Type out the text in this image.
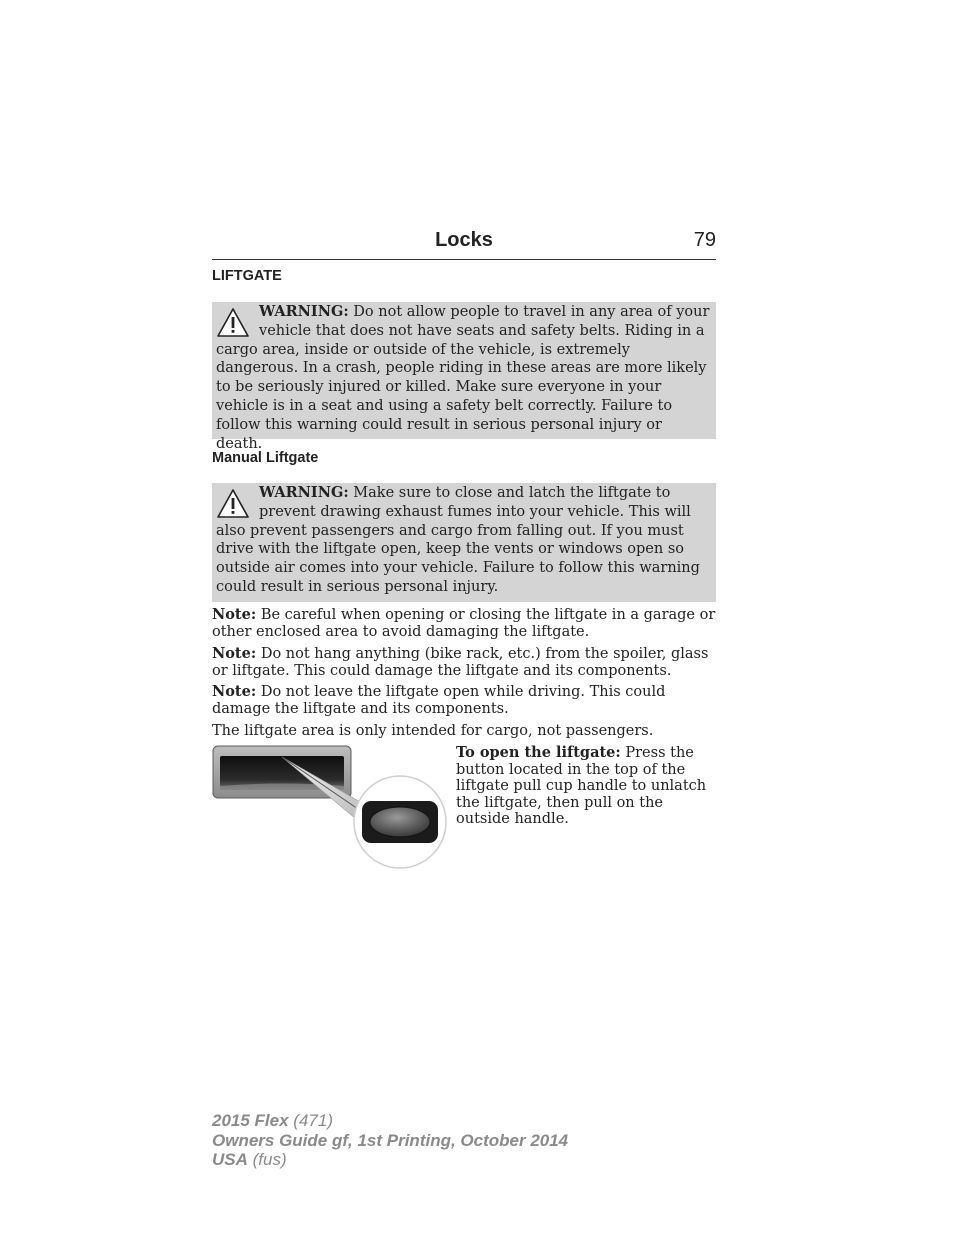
Locks	79
LIFTGATE
WARNING: Do not allow people to travel in any area of your vehicle that does not have seats and safety belts. Riding in a cargo area, inside or outside of the vehicle, is extremely dangerous. In a crash, people riding in these areas are more likely to be seriously injured or killed. Make sure everyone in your vehicle is in a seat and using a safety belt correctly. Failure to follow this warning could result in serious personal injury or death.
Manual Liftgate
WARNING: Make sure to close and latch the liftgate to prevent drawing exhaust fumes into your vehicle. This will also prevent passengers and cargo from falling out. If you must drive with the liftgate open, keep the vents or windows open so outside air comes into your vehicle. Failure to follow this warning could result in serious personal injury.
Note: Be careful when opening or closing the liftgate in a garage or other enclosed area to avoid damaging the liftgate.
Note: Do not hang anything (bike rack, etc.) from the spoiler, glass or liftgate. This could damage the liftgate and its components.
Note: Do not leave the liftgate open while driving. This could damage the liftgate and its components.
The liftgate area is only intended for cargo, not passengers.
To open the liftgate: Press the button located in the top of the liftgate pull cup handle to unlatch the liftgate, then pull on the outside handle.
2015 Flex (471)
Owners Guide gf, 1st Printing, October 2014
USA (fus)
